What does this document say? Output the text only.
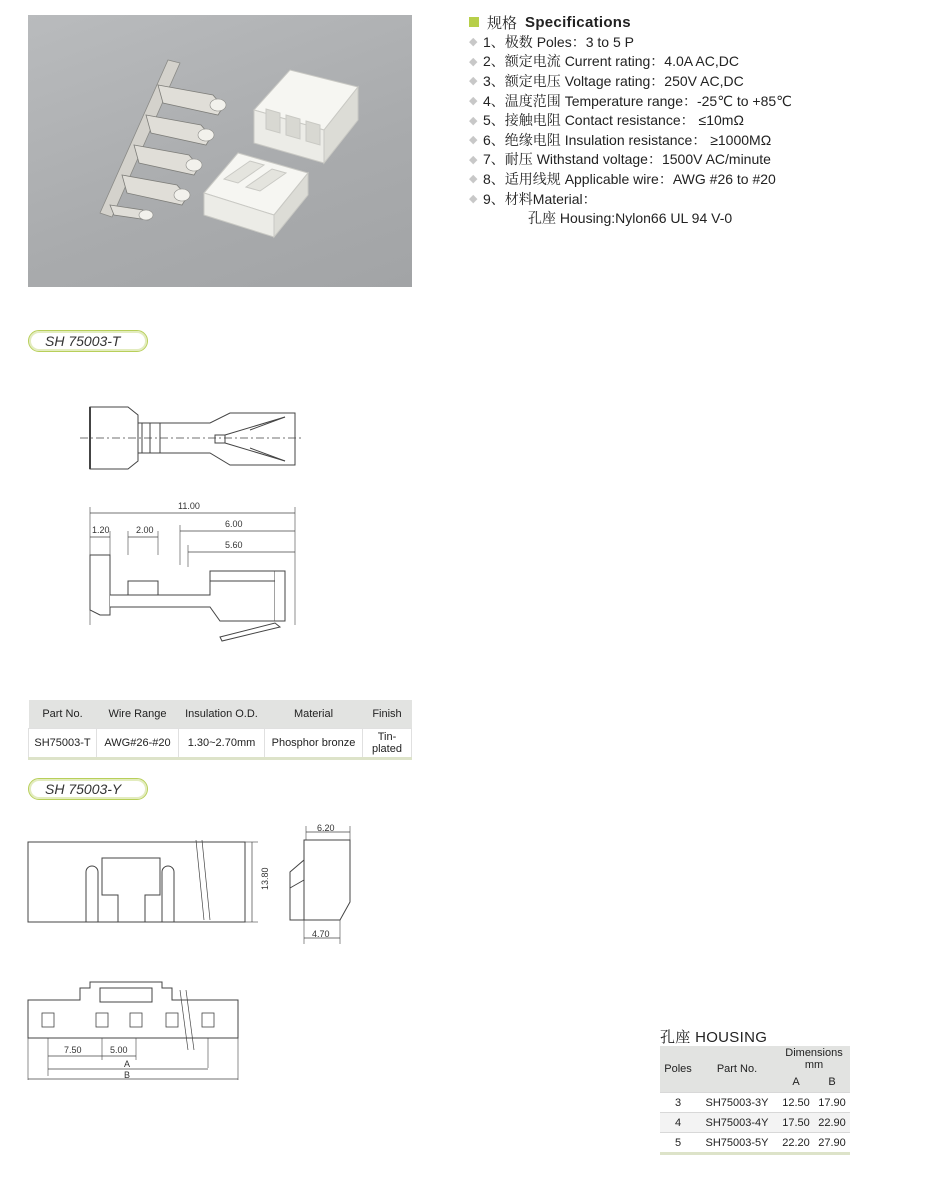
规格 Specifications
◆ 1、 极数
Poles：3 to 5 P
◆ 2、 额定电流
Current rating：4.0A AC,DC
◆ 3、 额定电压
Voltage rating：250V AC,DC
◆ 4、 温度范围
Temperature range：-25℃ to +85℃
◆ 5、 接触电阻
Contact resistance： ≤10mΩ
◆ 6、 绝缘电阻
Insulation resistance： ≥1000MΩ
◆ 7、 耐压
Withstand voltage：1500V AC/minute
◆ 8、 适用线规
Applicable wire：AWG #26 to #20
◆ 9、 材料 Material：
孔座 Housing:Nylon66 UL 94 V-0
SH 75003-T
11.00
1.20	2.00
6.00
5.60
Part No.	Wire Range	Insulation O.D.	Material	Finish
SH75003-T	AWG#26-#20	1.30~2.70mm	Phosphor bronze	Tin-plated
SH 75003-Y
6.20
13.80
4.70
7.50	5.00
A
B
孔座 HOUSING
Poles	Part No.	Dimensions mm	
		A	B
3	SH75003-3Y	12.50	17.90
4	SH75003-4Y	17.50	22.90
5	SH75003-5Y	22.20	27.90
